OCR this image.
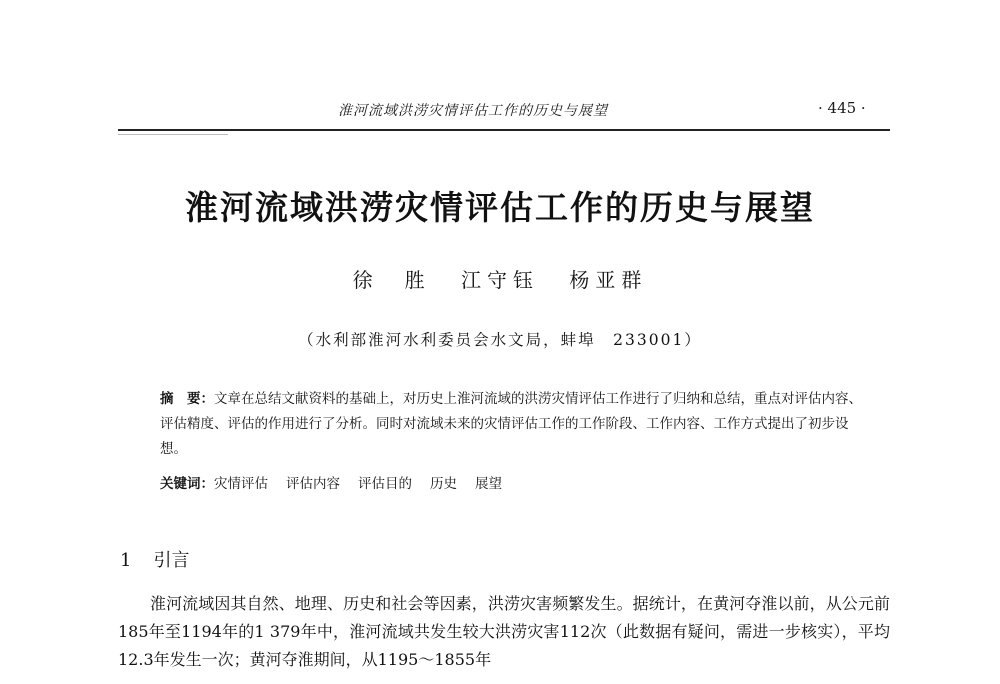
淮河流域洪涝灾情评估工作的历史与展望	· 445 ·
淮河流域洪涝灾情评估工作的历史与展望
徐　胜 江守钰 杨亚群
（水利部淮河水利委员会水文局，蚌埠　233001）
摘　要：文章在总结文献资料的基础上，对历史上淮河流域的洪涝灾情评估工作进行了归纳和总结，重点对评估内容、评估精度、评估的作用进行了分析。同时对流域未来的灾情评估工作的工作阶段、工作内容、工作方式提出了初步设想。
关键词：灾情评估 评估内容 评估目的 历史 展望
1 引言

淮河流域因其自然、地理、历史和社会等因素，洪涝灾害频繁发生。据统计，在黄河夺淮以前，从公元前185年至1194年的1 379年中，淮河流域共发生较大洪涝灾害112次（此数据有疑问，需进一步核实），平均12.3年发生一次；黄河夺淮期间，从1195～1855年
